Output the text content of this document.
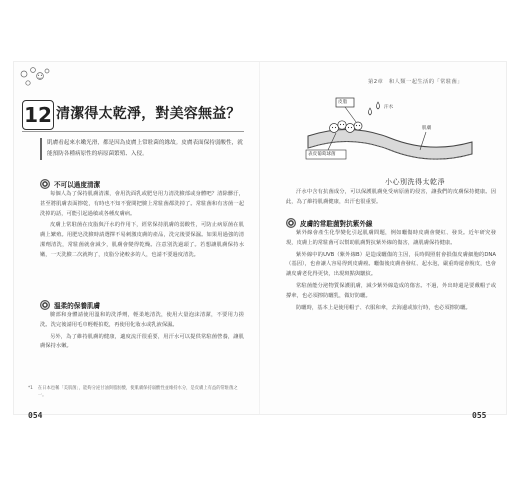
12 清潔得太乾淨，對美容無益？
肌膚看起來水嫩光滑，都是因為皮膚上常駐菌的緣故。皮膚表面保持弱酸性，就能預防各種病原性的病原菌繁殖、入侵。
不可以過度清潔

每個人為了保持肌膚清潔，會用洗面乳或肥皂用力清洗臉部或身體吧？清除髒汙，甚至將肌膚表面擦乾，有時也不知不覺間把臉上常駐菌都洗掉了。常駐菌和有害菌一起洗掉的話，可能引起過敏或各種皮膚病。

皮膚上常駐菌在皮脂與汗水的作用下，經常保持肌膚的弱酸性，可防止病原菌在肌膚上繁殖。用肥皂洗臉時請選擇不易刺激皮膚的產品，洗完後要保濕。如果用過強的清潔劑清洗，常駐菌就會減少，肌膚會變得乾燥。注意別洗過頭了。若想讓肌膚保持水嫩，一天洗臉二次就夠了，皮脂分泌較多的人，也請不要過度清洗。

溫柔的保養肌膚

臉部和身體請使用溫和的洗淨劑，輕柔地清洗，使用大量泡沫清潔，不要用力搓洗。洗完後請用毛巾輕輕拍乾，再使用化妝水或乳液保濕。

另外，為了維持肌膚的健康，適度流汗很重要，用汗水可以提供常駐菌營養，讓肌膚保持水嫩。

*1 在日本也稱「美肌菌」，能夠分泌甘油與脂肪酸，使肌膚保持弱酸性並維持水分，是皮膚上有益的常駐菌之一。
054
第2章　和人類一起生活的「常駐菌」
皮脂
汗水
肌膚
表皮葡萄球菌
小心別洗得太乾淨

汗水中含有抗菌成分，可以保護肌膚免受病原菌的侵害，讓我們的皮膚保持健康。因此，為了維持肌膚健康，出汗也很重要。

皮膚的常駐菌對抗紫外線

紫外線會產生化學變化引起肌膚問題，例如曬傷時皮膚會變紅、發炎。近年研究發現，皮膚上的常駐菌可以幫助肌膚對抗紫外線的傷害，讓肌膚保持健康。

紫外線中的UVB（紫外線B）是造成曬傷的主因，長時間照射會損傷皮膚細胞的DNA（基因），也會讓人容易得到皮膚癌。曬傷後皮膚會發紅、起水泡，嚴重時還會脫皮，也會讓皮膚老化得更快，出現斑點與皺紋。

常駐菌能分泌物質保護肌膚，減少紫外線造成的傷害。不過，外出時還是要戴帽子或撐傘，也必須擦防曬乳，做好防曬。

防曬時，基本上是使用帽子、衣服和傘，去海邊或旅行時，也必須擦防曬。

055
